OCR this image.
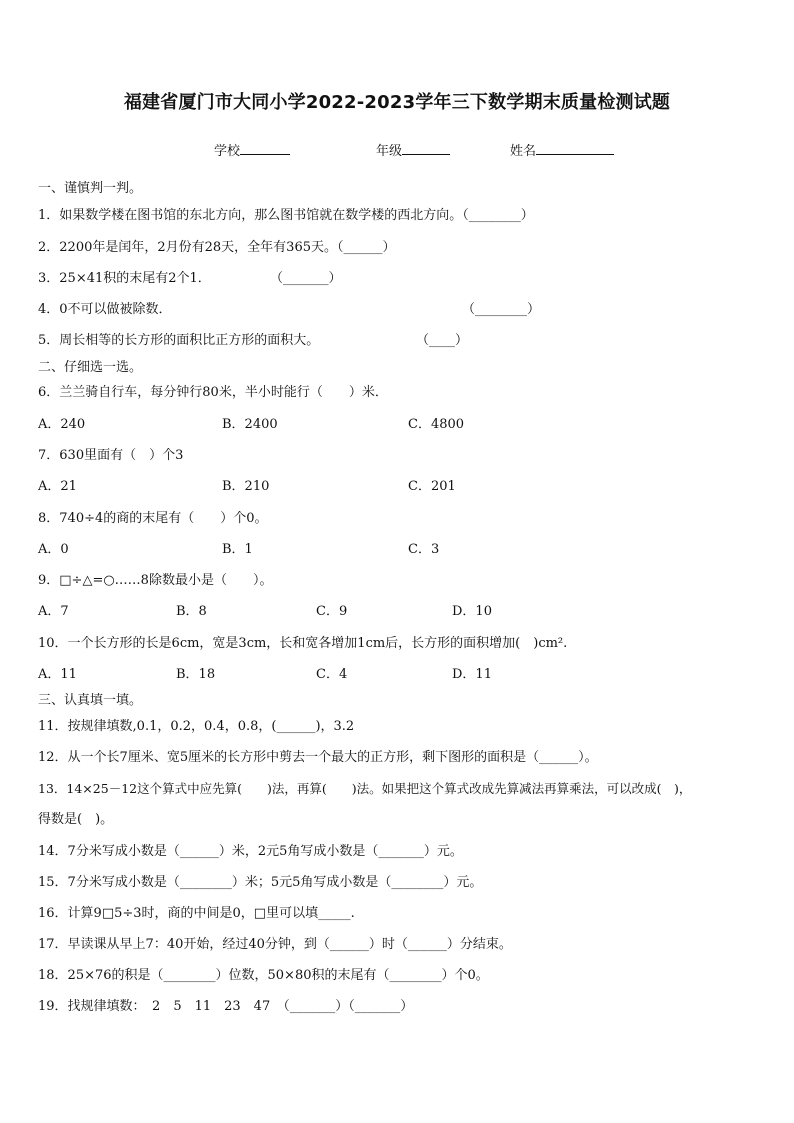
福建省厦门市大同小学2022-2023学年三下数学期末质量检测试题
学校	年级	姓名
一、谨慎判一判。
1．如果数学楼在图书馆的东北方向，那么图书馆就在数学楼的西北方向。（________）
2．2200年是闰年，2月份有28天，全年有365天。（______）
3．25×41积的末尾有2个1．	（_______）
4．0不可以做被除数．	（________）
5．周长相等的长方形的面积比正方形的面积大。	（____）
二、仔细选一选。
6．兰兰骑自行车，每分钟行80米，半小时能行（　　）米．
A．240	B．2400	C．4800
7．630里面有（　）个3
A．21	B．210	C．201
8．740÷4的商的末尾有（　　）个0。
A．0	B．1	C．3
9．□÷△=○……8除数最小是（　　）。
A．7	B．8	C．9	D．10
10．一个长方形的长是6cm，宽是3cm，长和宽各增加1cm后，长方形的面积增加(　)cm².
A．11	B．18	C．4	D．11
三、认真填一填。
11．按规律填数,0.1，0.2，0.4，0.8，(______)，3.2
12．从一个长7厘米、宽5厘米的长方形中剪去一个最大的正方形，剩下图形的面积是（______）。
13．14×25－12这个算式中应先算(　　)法，再算(　　)法。如果把这个算式改成先算减法再算乘法，可以改成(　)，
得数是(　)。
14．7分米写成小数是（______）米，2元5角写成小数是（_______）元。
15．7分米写成小数是（________）米；5元5角写成小数是（________）元。
16．计算9□5÷3时，商的中间是0，□里可以填_____.
17．早读课从早上7：40开始，经过40分钟，到（______）时（______）分结束。
18．25×76的积是（________）位数，50×80积的末尾有（________）个0。
19．找规律填数：　2　5　11　23　47　（_______）（_______）
